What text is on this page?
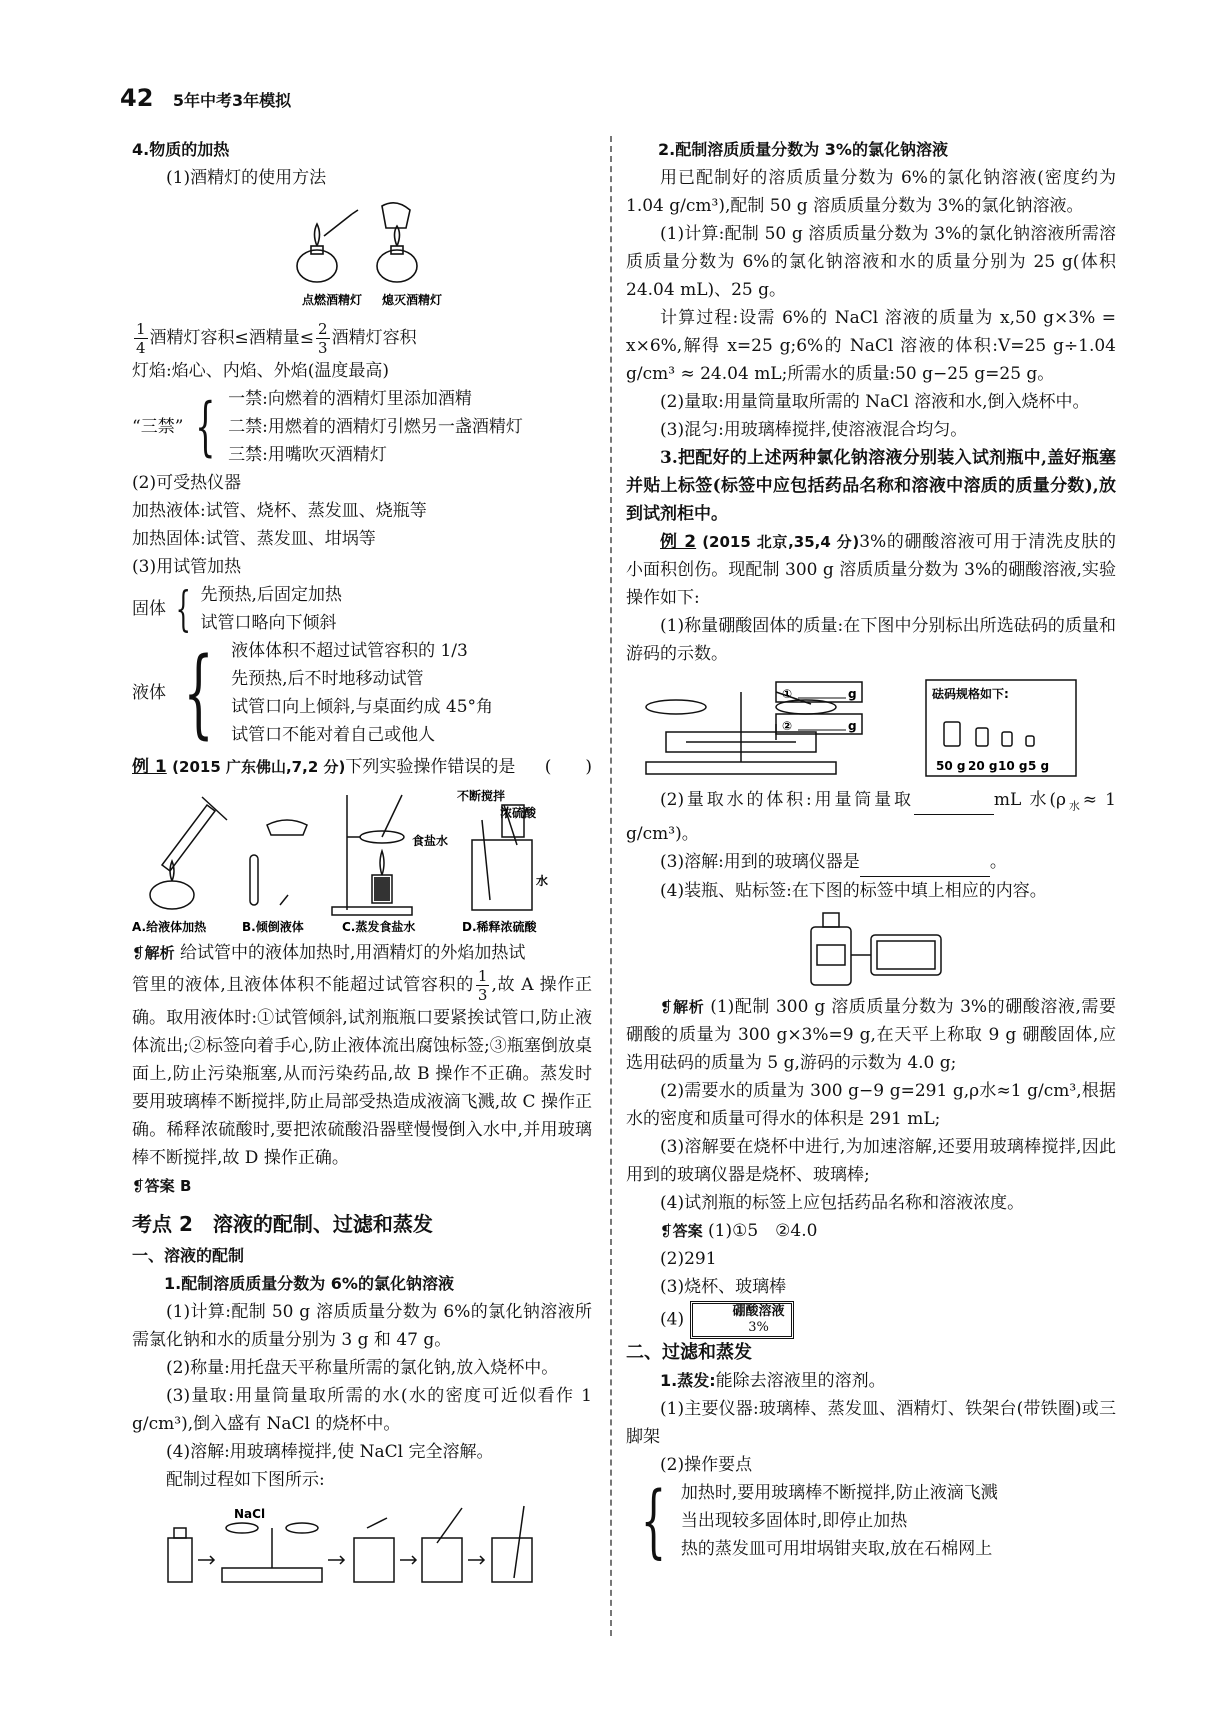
42 5年中考3年模拟

4.物质的加热

(1)酒精灯的使用方法

点燃酒精灯 熄灭酒精灯

$\frac{1}{4}$ 酒精灯容积≤酒精量≤ $\frac{2}{3}$ 酒精灯容积

灯焰:焰心、内焰、外焰(温度最高)

“三禁” { 一禁:向燃着的酒精灯里添加酒精
二禁:用燃着的酒精灯引燃另一盏酒精灯
三禁:用嘴吹灭酒精灯

(2)可受热仪器

加热液体:试管、烧杯、蒸发皿、烧瓶等

加热固体:试管、蒸发皿、坩埚等

(3)用试管加热

固体 { 先预热,后固定加热
试管口略向下倾斜
液体 { 液体体积不超过试管容积的 1/3
先预热,后不时地移动试管
试管口向上倾斜,与桌面约成 45°角
试管口不能对着自己或他人

例 1 (2015 广东佛山,7,2 分)下列实验操作错误的是 (　　)

食盐水
不断搅拌
浓硫酸
水
A.给液体加热	B.倾倒液体	C.蒸发食盐水	D.稀释浓硫酸

❡解析 给试管中的液体加热时,用酒精灯的外焰加热试
管里的液体,且液体体积不能超过试管容积的 $\frac{1}{3}$ ,故 A 操作正确。取用液体时:①试管倾斜,试剂瓶瓶口要紧挨试管口,防止液体流出;②标签向着手心,防止液体流出腐蚀标签;③瓶塞倒放桌面上,防止污染瓶塞,从而污染药品,故 B 操作不正确。蒸发时要用玻璃棒不断搅拌,防止局部受热造成液滴飞溅,故 C 操作正确。稀释浓硫酸时,要把浓硫酸沿器壁慢慢倒入水中,并用玻璃棒不断搅拌,故 D 操作正确。

❡答案 B

考点 2　溶液的配制、过滤和蒸发

一、溶液的配制

1.配制溶质质量分数为 6%的氯化钠溶液

(1)计算:配制 50 g 溶质质量分数为 6%的氯化钠溶液所需氯化钠和水的质量分别为 3 g 和 47 g。

(2)称量:用托盘天平称量所需的氯化钠,放入烧杯中。

(3)量取:用量筒量取所需的水(水的密度可近似看作 1 g/cm³),倒入盛有 NaCl 的烧杯中。

(4)溶解:用玻璃棒搅拌,使 NaCl 完全溶解。

配制过程如下图所示:

NaCl

2.配制溶质质量分数为 3%的氯化钠溶液

用已配制好的溶质质量分数为 6%的氯化钠溶液(密度约为 1.04 g/cm³),配制 50 g 溶质质量分数为 3%的氯化钠溶液。

(1)计算:配制 50 g 溶质质量分数为 3%的氯化钠溶液所需溶质质量分数为 6%的氯化钠溶液和水的质量分别为 25 g(体积 24.04 mL)、25 g。

计算过程:设需 6%的 NaCl 溶液的质量为 x,50 g×3% = x×6%,解得 x=25 g;6%的 NaCl 溶液的体积:V=25 g÷1.04 g/cm³ ≈ 24.04 mL;所需水的质量:50 g−25 g=25 g。

(2)量取:用量筒量取所需的 NaCl 溶液和水,倒入烧杯中。

(3)混匀:用玻璃棒搅拌,使溶液混合均匀。

3.把配好的上述两种氯化钠溶液分别装入试剂瓶中,盖好瓶塞并贴上标签(标签中应包括药品名称和溶液中溶质的质量分数),放到试剂柜中。

例 2 (2015 北京,35,4 分)3%的硼酸溶液可用于清洗皮肤的小面积创伤。现配制 300 g 溶质质量分数为 3%的硼酸溶液,实验操作如下:

(1)称量硼酸固体的质量:在下图中分别标出所选砝码的质量和游码的示数。

①	g
②	g
砝码规格如下:
50 g 20 g 10 g 5 g

(2)量取水的体积:用量筒量取	mL 水($\rho_水\approx 1$ g/cm³)。

(3)溶解:用到的玻璃仪器是	。

(4)装瓶、贴标签:在下图的标签中填上相应的内容。

❡解析 (1)配制 300 g 溶质质量分数为 3%的硼酸溶液,需要硼酸的质量为 300 g×3%=9 g,在天平上称取 9 g 硼酸固体,应选用砝码的质量为 5 g,游码的示数为 4.0 g;

(2)需要水的质量为 300 g−9 g=291 g,ρ水≈1 g/cm³,根据水的密度和质量可得水的体积是 291 mL;

(3)溶解要在烧杯中进行,为加速溶解,还要用玻璃棒搅拌,因此用到的玻璃仪器是烧杯、玻璃棒;

(4)试剂瓶的标签上应包括药品名称和溶液浓度。

❡答案 (1)①5　②4.0

(2)291

(3)烧杯、玻璃棒

(4)	硼酸溶液
3%

二、过滤和蒸发

1.蒸发:能除去溶液里的溶剂。

(1)主要仪器:玻璃棒、蒸发皿、酒精灯、铁架台(带铁圈)或三脚架

(2)操作要点

{ 加热时,要用玻璃棒不断搅拌,防止液滴飞溅
当出现较多固体时,即停止加热
热的蒸发皿可用坩埚钳夹取,放在石棉网上
